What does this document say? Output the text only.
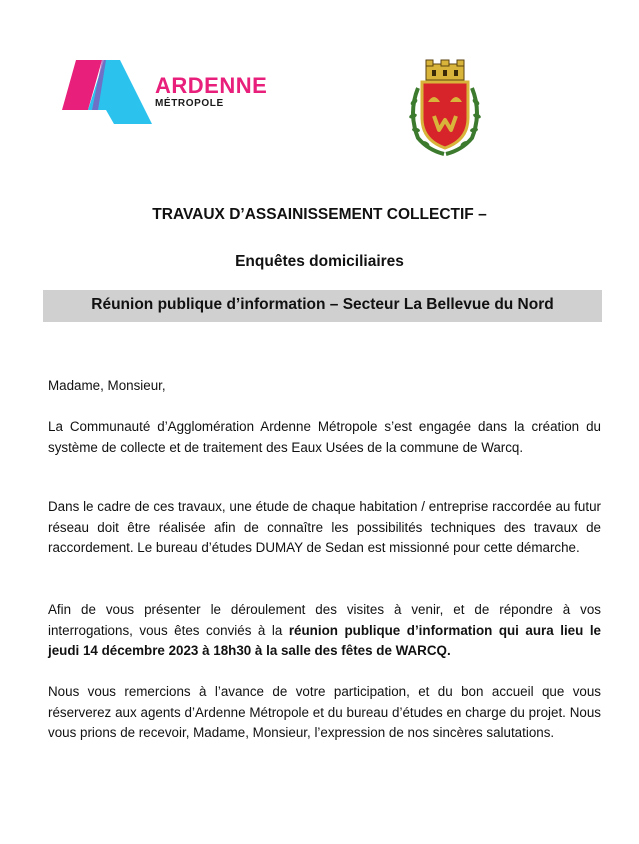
ARDENNE
MÉTROPOLE
TRAVAUX D’ASSAINISSEMENT COLLECTIF –
Enquêtes domiciliaires

Réunion publique d’information – Secteur La Bellevue du Nord

Madame, Monsieur,

La Communauté d’Agglomération Ardenne Métropole s’est engagée dans la création du système de collecte et de traitement des Eaux Usées de la commune de Warcq.

Dans le cadre de ces travaux, une étude de chaque habitation / entreprise raccordée au futur réseau doit être réalisée afin de connaître les possibilités techniques des travaux de raccordement. Le bureau d’études DUMAY de Sedan est missionné pour cette démarche.

Afin de vous présenter le déroulement des visites à venir, et de répondre à vos interrogations, vous êtes conviés à la réunion publique d’information qui aura lieu le jeudi 14 décembre 2023 à 18h30 à la salle des fêtes de WARCQ.

Nous vous remercions à l’avance de votre participation, et du bon accueil que vous réserverez aux agents d’Ardenne Métropole et du bureau d’études en charge du projet. Nous vous prions de recevoir, Madame, Monsieur, l’expression de nos sincères salutations.
